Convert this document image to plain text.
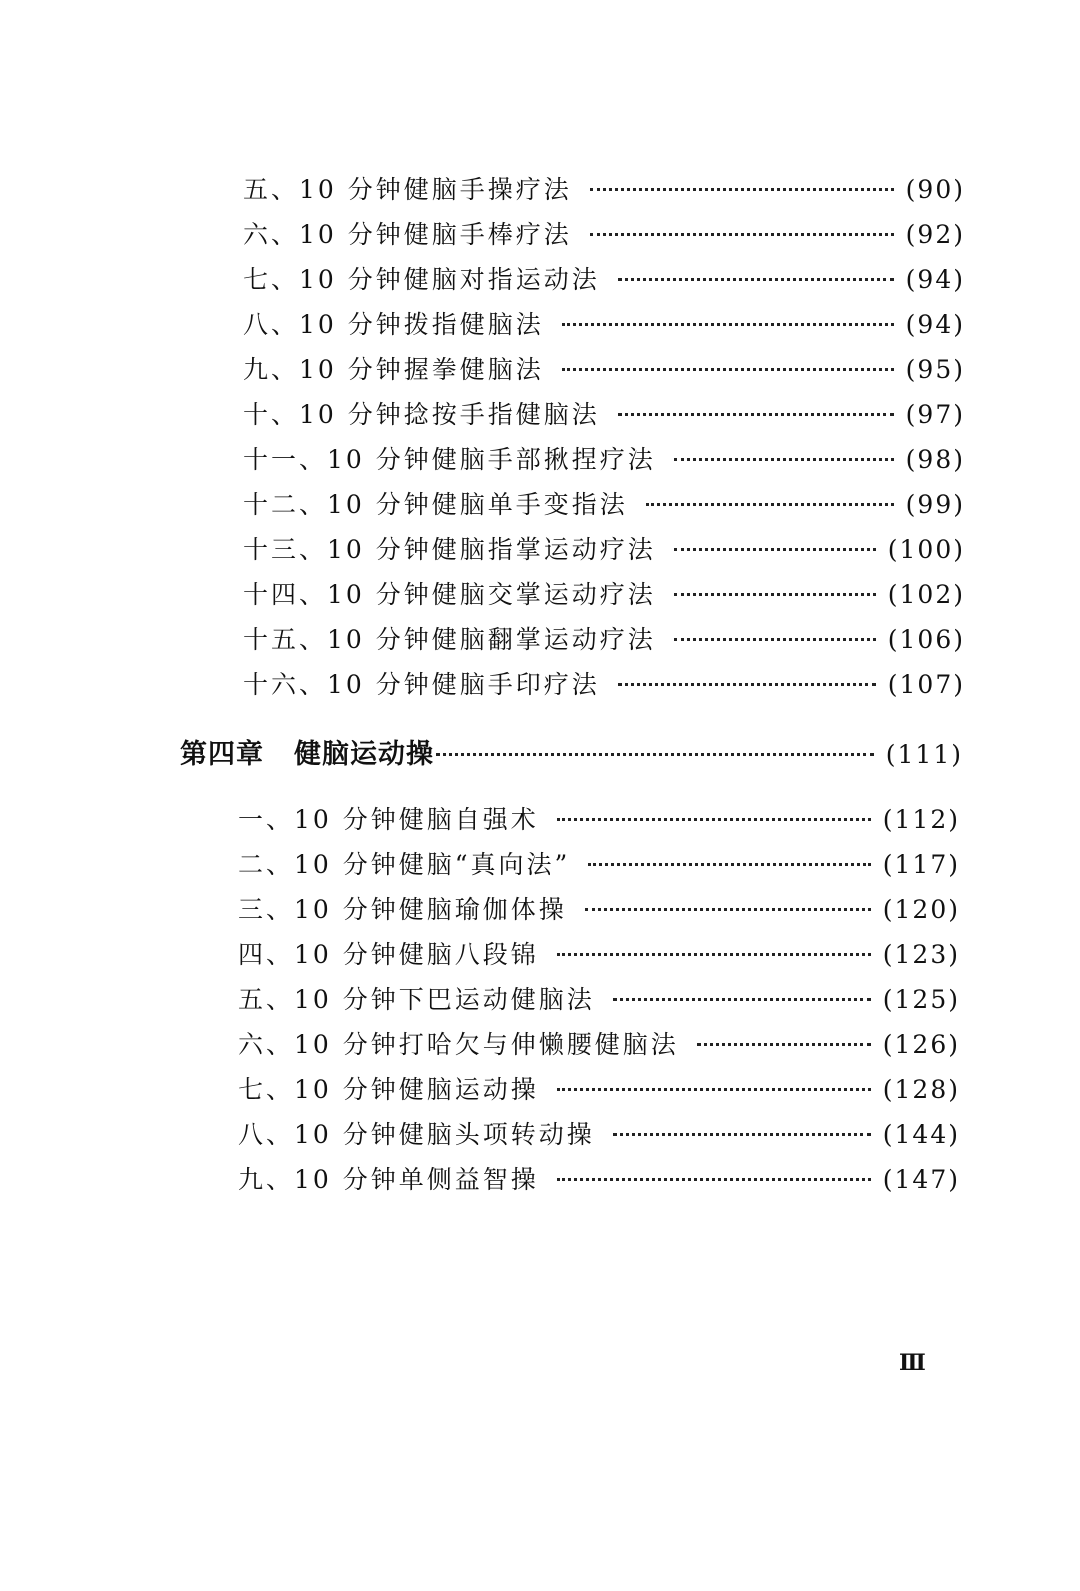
五、10 分钟健脑手操疗法	(90)
六、10 分钟健脑手棒疗法	(92)
七、10 分钟健脑对指运动法	(94)
八、10 分钟拨指健脑法	(94)
九、10 分钟握拳健脑法	(95)
十、10 分钟捻按手指健脑法	(97)
十一、10 分钟健脑手部揪捏疗法	(98)
十二、10 分钟健脑单手变指法	(99)
十三、10 分钟健脑指掌运动疗法	(100)
十四、10 分钟健脑交掌运动疗法	(102)
十五、10 分钟健脑翻掌运动疗法	(106)
十六、10 分钟健脑手印疗法	(107)
第四章 健脑运动操	(111)
一、10 分钟健脑自强术	(112)
二、10 分钟健脑“真向法”	(117)
三、10 分钟健脑瑜伽体操	(120)
四、10 分钟健脑八段锦	(123)
五、10 分钟下巴运动健脑法	(125)
六、10 分钟打哈欠与伸懒腰健脑法	(126)
七、10 分钟健脑运动操	(128)
八、10 分钟健脑头项转动操	(144)
九、10 分钟单侧益智操	(147)
Ⅲ
